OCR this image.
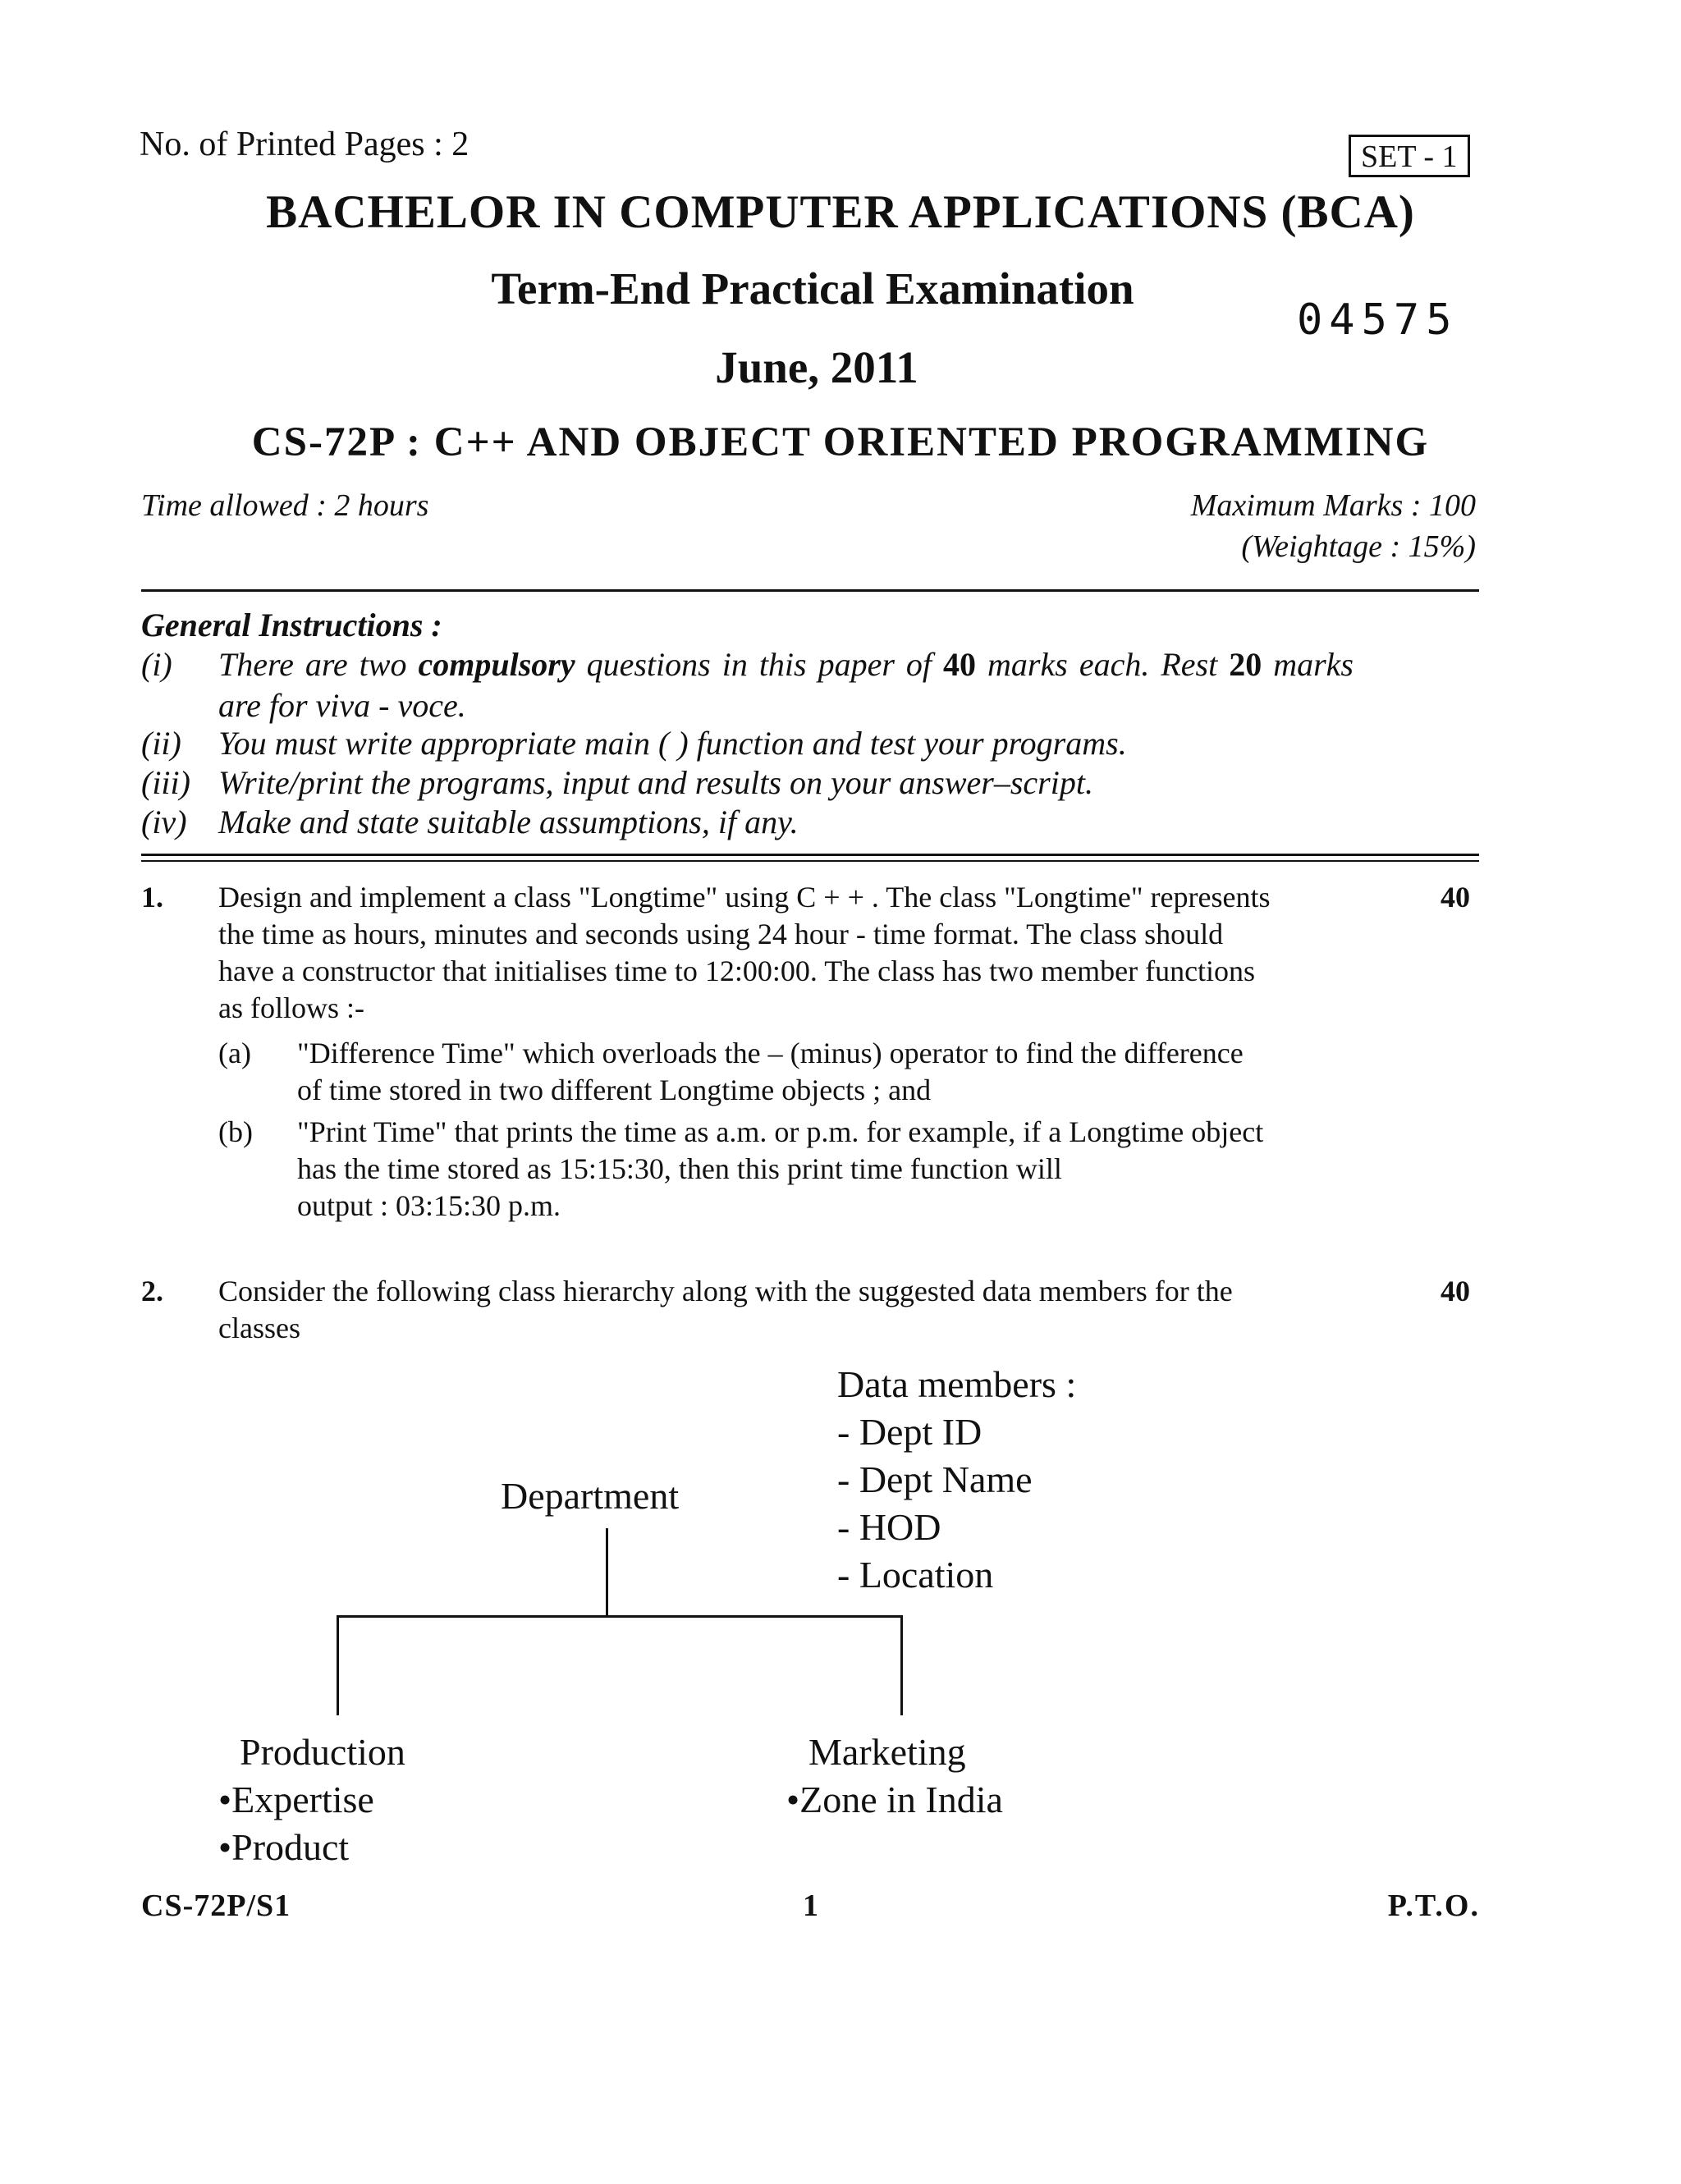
No. of Printed Pages : 2	SET - 1
BACHELOR IN COMPUTER APPLICATIONS (BCA)
Term-End Practical Examination
04575
June, 2011
CS-72P : C++ AND OBJECT ORIENTED PROGRAMMING
Time allowed : 2 hours	Maximum Marks : 100
(Weightage : 15%)
General Instructions :
(i) There are two compulsory questions in this paper of 40 marks each. Rest 20 marks
are for viva - voce.
(ii) You must write appropriate main ( ) function and test your programs.
(iii) Write/print the programs, input and results on your answer–script.
(iv) Make and state suitable assumptions, if any.
1.	40
Design and implement a class "Longtime" using C + + . The class "Longtime" represents
the time as hours, minutes and seconds using 24 hour - time format. The class should
have a constructor that initialises time to 12:00:00. The class has two member functions
as follows :-
(a) "Difference Time" which overloads the – (minus) operator to find the difference
of time stored in two different Longtime objects ; and
(b) "Print Time" that prints the time as a.m. or p.m. for example, if a Longtime object
has the time stored as 15:15:30, then this print time function will
output : 03:15:30 p.m.
2.	40
Consider the following class hierarchy along with the suggested data members for the
classes
Data members :
- Dept ID
- Dept Name
- HOD
- Location
Department
Production
•Expertise
•Product
Marketing
•Zone in India
CS-72P/S1	1	P.T.O.
